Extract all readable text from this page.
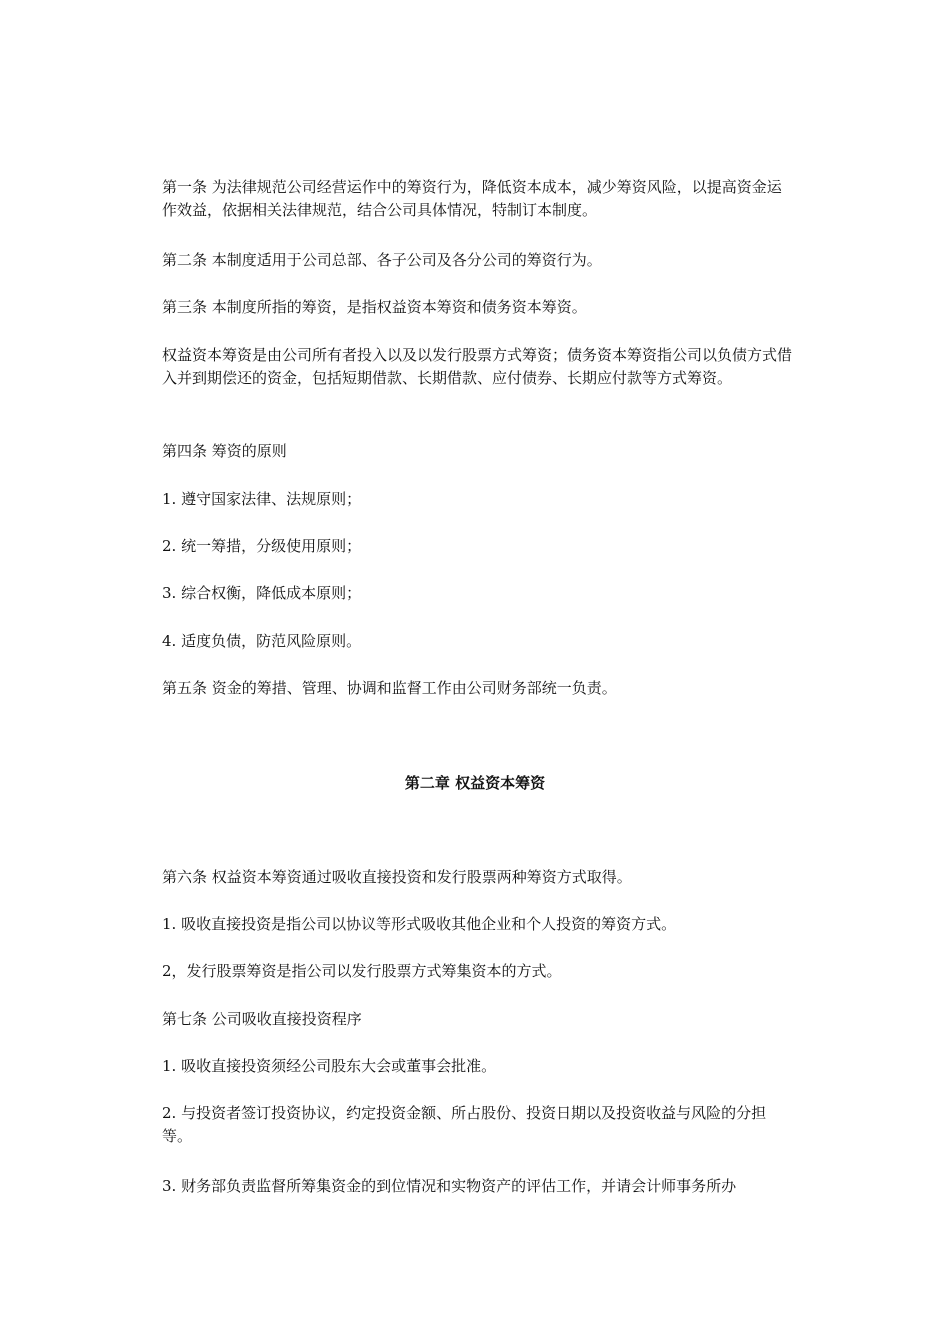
第一条 为法律规范公司经营运作中的筹资行为，降低资本成本，减少筹资风险，以提高资金运作效益，依据相关法律规范，结合公司具体情况，特制订本制度。

第二条 本制度适用于公司总部、各子公司及各分公司的筹资行为。

第三条 本制度所指的筹资，是指权益资本筹资和债务资本筹资。

权益资本筹资是由公司所有者投入以及以发行股票方式筹资；债务资本筹资指公司以负债方式借入并到期偿还的资金，包括短期借款、长期借款、应付债券、长期应付款等方式筹资。

第四条 筹资的原则

1. 遵守国家法律、法规原则；

2. 统一筹措，分级使用原则；

3. 综合权衡，降低成本原则；

4. 适度负债，防范风险原则。

第五条 资金的筹措、管理、协调和监督工作由公司财务部统一负责。

第二章 权益资本筹资

第六条 权益资本筹资通过吸收直接投资和发行股票两种筹资方式取得。

1. 吸收直接投资是指公司以协议等形式吸收其他企业和个人投资的筹资方式。

2，发行股票筹资是指公司以发行股票方式筹集资本的方式。

第七条 公司吸收直接投资程序

1. 吸收直接投资须经公司股东大会或董事会批准。

2. 与投资者签订投资协议，约定投资金额、所占股份、投资日期以及投资收益与风险的分担等。

3. 财务部负责监督所筹集资金的到位情况和实物资产的评估工作，并请会计师事务所办
